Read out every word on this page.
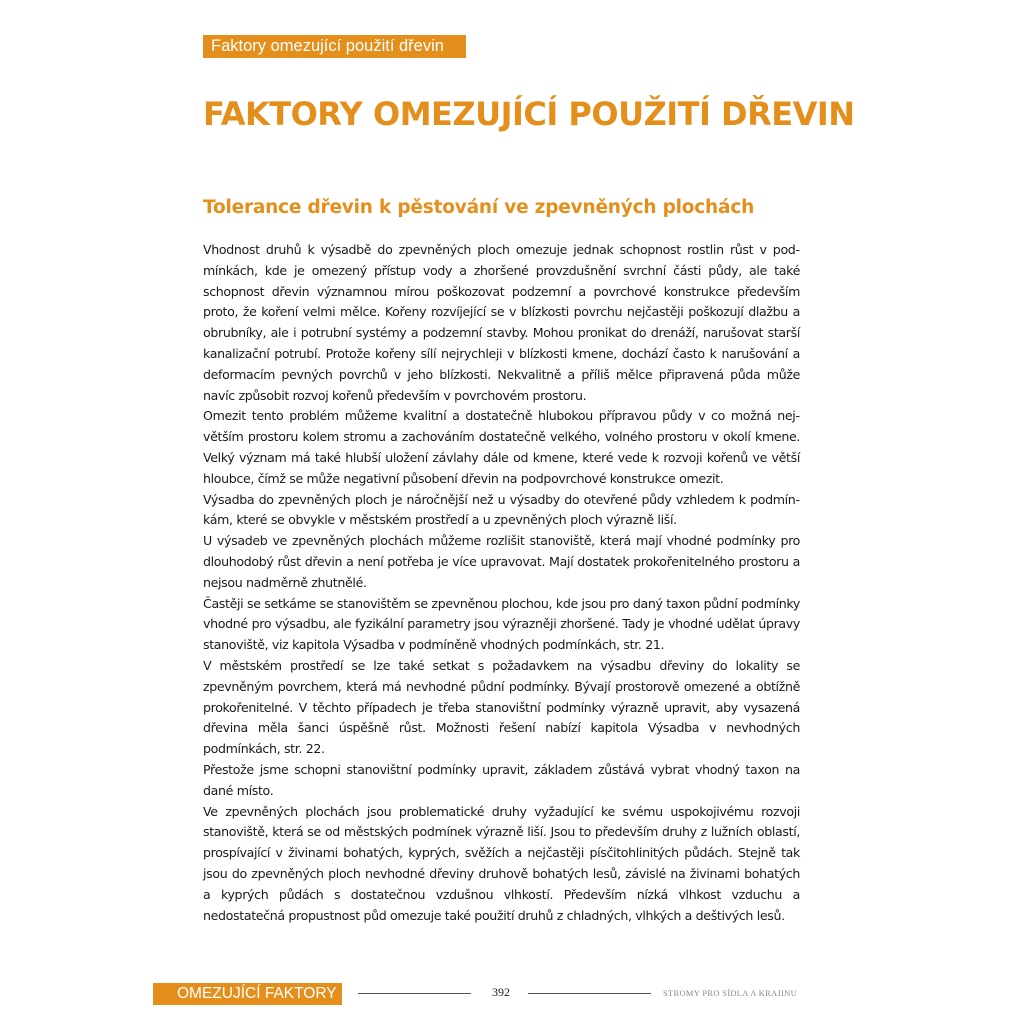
Faktory omezující použití dřevin
FAKTORY OMEZUJÍCÍ POUŽITÍ DŘEVIN
Tolerance dřevin k pěstování ve zpevněných plochách

Vhodnost druhů k výsadbě do zpevněných ploch omezuje jednak schopnost rostlin růst v podmínkách, kde je omezený přístup vody a zhoršené provzdušnění svrchní části půdy, ale také schopnost dřevin významnou mírou poškozovat podzemní a povrchové konstrukce především proto, že koření velmi mělce. Kořeny rozvíjející se v blízkosti povrchu nejčastěji poškozují dlažbu a obrubníky, ale i potrubní systémy a podzemní stavby. Mohou pronikat do drenáží, narušovat starší kanalizační potrubí. Protože kořeny sílí nejrychleji v blízkosti kmene, dochází často k narušování a deformacím pevných povrchů v jeho blízkosti. Nekvalitně a příliš mělce připravená půda může navíc způsobit rozvoj kořenů především v povrchovém prostoru.

Omezit tento problém můžeme kvalitní a dostatečně hlubokou přípravou půdy v co možná největším prostoru kolem stromu a zachováním dostatečně velkého, volného prostoru v okolí kmene. Velký význam má také hlubší uložení závlahy dále od kmene, které vede k rozvoji kořenů ve větší hloubce, čímž se může negativní působení dřevin na podpovrchové konstrukce omezit.

Výsadba do zpevněných ploch je náročnější než u výsadby do otevřené půdy vzhledem k podmínkám, které se obvykle v městském prostředí a u zpevněných ploch výrazně liší.

U výsadeb ve zpevněných plochách můžeme rozlišit stanoviště, která mají vhodné podmínky pro dlouhodobý růst dřevin a není potřeba je více upravovat. Mají dostatek prokořenitelného prostoru a nejsou nadměrně zhutnělé.

Častěji se setkáme se stanovištěm se zpevněnou plochou, kde jsou pro daný taxon půdní podmínky vhodné pro výsadbu, ale fyzikální parametry jsou výrazněji zhoršené. Tady je vhodné udělat úpravy stanoviště, viz kapitola Výsadba v podmíněně vhodných podmínkách, str. 21.

V městském prostředí se lze také setkat s požadavkem na výsadbu dřeviny do lokality se zpevněným povrchem, která má nevhodné půdní podmínky. Bývají prostorově omezené a obtížně prokořenitelné. V těchto případech je třeba stanovištní podmínky výrazně upravit, aby vysazená dřevina měla šanci úspěšně růst. Možnosti řešení nabízí kapitola Výsadba v nevhodných podmínkách, str. 22.

Přestože jsme schopni stanovištní podmínky upravit, základem zůstává vybrat vhodný taxon na dané místo.

Ve zpevněných plochách jsou problematické druhy vyžadující ke svému uspokojivému rozvoji stanoviště, která se od městských podmínek výrazně liší. Jsou to především druhy z lužních oblastí, prospívající v živinami bohatých, kyprých, svěžích a nejčastěji písčitohlinitých půdách. Stejně tak jsou do zpevněných ploch nevhodné dřeviny druhově bohatých lesů, závislé na živinami bohatých a kyprých půdách s dostatečnou vzdušnou vlhkostí. Především nízká vlhkost vzduchu a nedostatečná propustnost půd omezuje také použití druhů z chladných, vlhkých a deštivých lesů.

OMEZUJÍCÍ FAKTORY	392	STROMY PRO SÍDLA A KRAJINU
